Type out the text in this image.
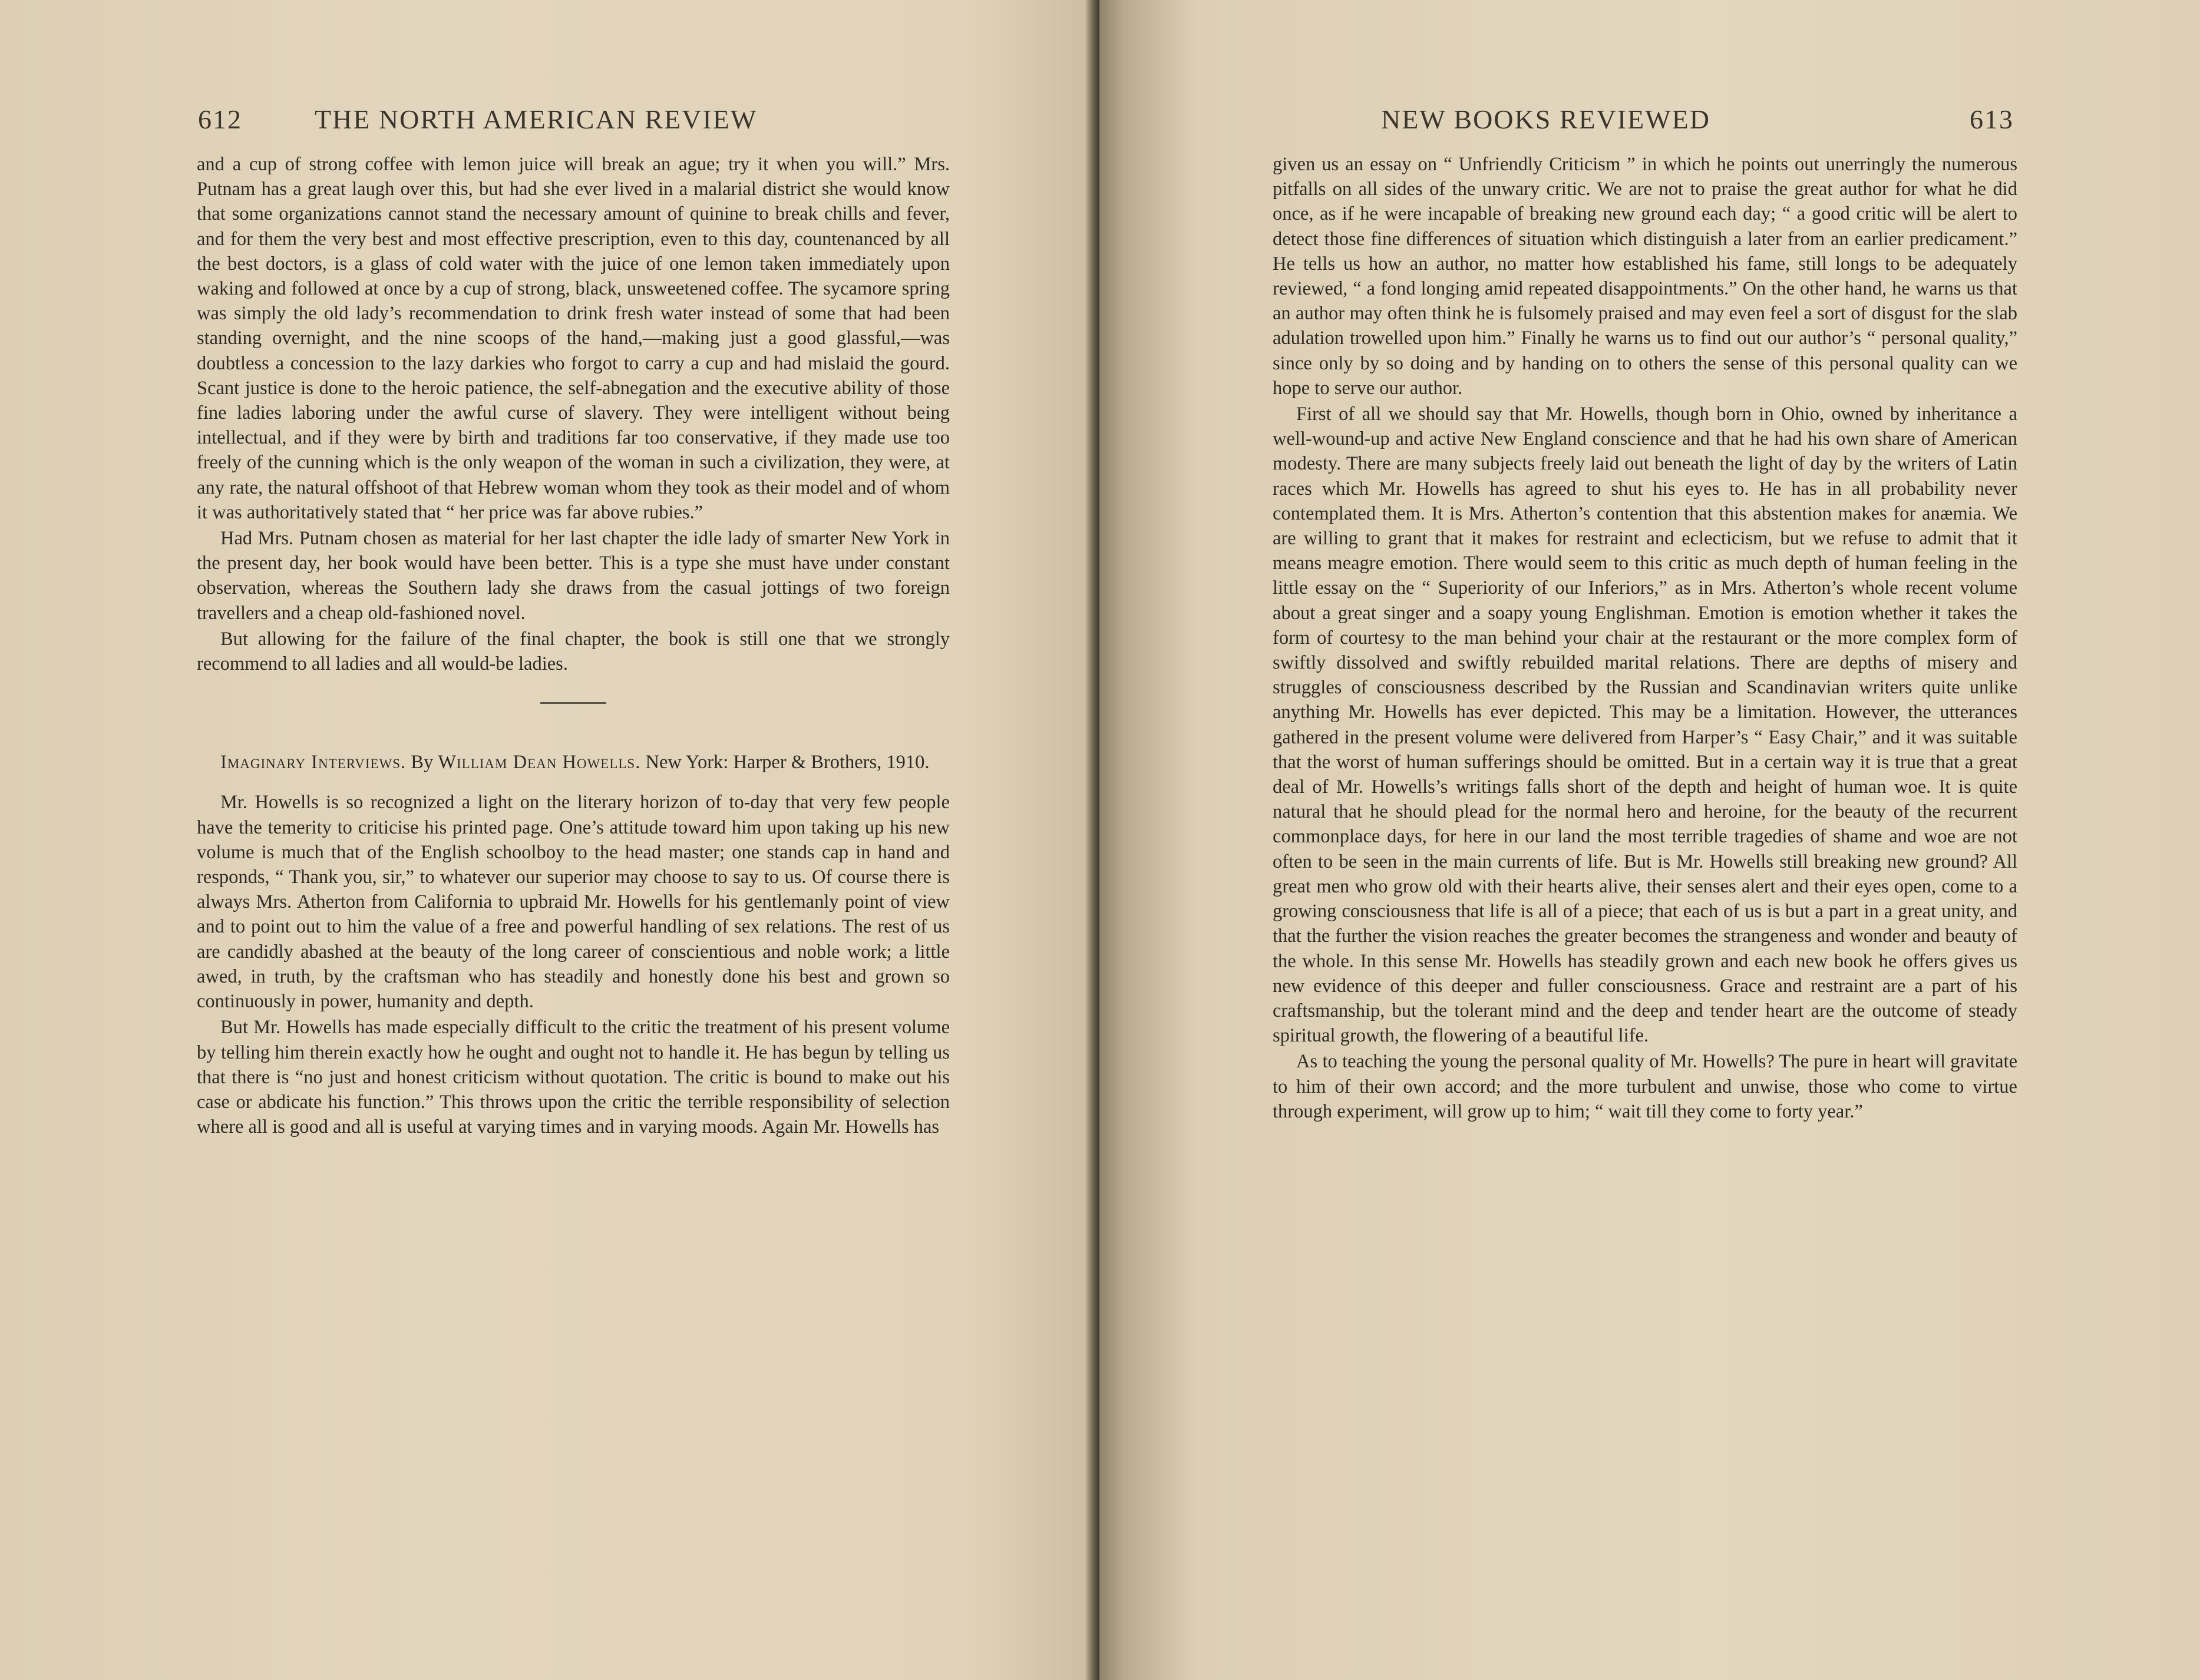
612	THE NORTH AMERICAN REVIEW

and a cup of strong coffee with lemon juice will break an ague; try it when you will.” Mrs. Putnam has a great laugh over this, but had she ever lived in a malarial district she would know that some organizations cannot stand the necessary amount of quinine to break chills and fever, and for them the very best and most effective prescription, even to this day, countenanced by all the best doctors, is a glass of cold water with the juice of one lemon taken immediately upon waking and followed at once by a cup of strong, black, unsweetened coffee. The sycamore spring was simply the old lady’s recommendation to drink fresh water instead of some that had been standing overnight, and the nine scoops of the hand,—making just a good glassful,—was doubtless a concession to the lazy darkies who forgot to carry a cup and had mislaid the gourd. Scant justice is done to the heroic patience, the self-abnegation and the executive ability of those fine ladies laboring under the awful curse of slavery. They were intelligent without being intellectual, and if they were by birth and traditions far too conservative, if they made use too freely of the cunning which is the only weapon of the woman in such a civilization, they were, at any rate, the natural offshoot of that Hebrew woman whom they took as their model and of whom it was authoritatively stated that “ her price was far above rubies.”

Had Mrs. Putnam chosen as material for her last chapter the idle lady of smarter New York in the present day, her book would have been better. This is a type she must have under constant observation, whereas the Southern lady she draws from the casual jottings of two foreign travellers and a cheap old-fashioned novel.

But allowing for the failure of the final chapter, the book is still one that we strongly recommend to all ladies and all would-be ladies.

Imaginary Interviews. By William Dean Howells. New York: Harper & Brothers, 1910.

Mr. Howells is so recognized a light on the literary horizon of to-day that very few people have the temerity to criticise his printed page. One’s attitude toward him upon taking up his new volume is much that of the English schoolboy to the head master; one stands cap in hand and responds, “ Thank you, sir,” to whatever our superior may choose to say to us. Of course there is always Mrs. Atherton from California to upbraid Mr. Howells for his gentlemanly point of view and to point out to him the value of a free and powerful handling of sex relations. The rest of us are candidly abashed at the beauty of the long career of conscientious and noble work; a little awed, in truth, by the craftsman who has steadily and honestly done his best and grown so continuously in power, humanity and depth.

But Mr. Howells has made especially difficult to the critic the treatment of his present volume by telling him therein exactly how he ought and ought not to handle it. He has begun by telling us that there is “no just and honest criticism without quotation. The critic is bound to make out his case or abdicate his function.” This throws upon the critic the terrible responsibility of selection where all is good and all is useful at varying times and in varying moods. Again Mr. Howells has

NEW BOOKS REVIEWED	613

given us an essay on “ Unfriendly Criticism ” in which he points out unerringly the numerous pitfalls on all sides of the unwary critic. We are not to praise the great author for what he did once, as if he were incapable of breaking new ground each day; “ a good critic will be alert to detect those fine differences of situation which distinguish a later from an earlier predicament.” He tells us how an author, no matter how established his fame, still longs to be adequately reviewed, “ a fond longing amid repeated disappointments.” On the other hand, he warns us that an author may often think he is fulsomely praised and may even feel a sort of disgust for the slab adulation trowelled upon him.” Finally he warns us to find out our author’s “ personal quality,” since only by so doing and by handing on to others the sense of this personal quality can we hope to serve our author.

First of all we should say that Mr. Howells, though born in Ohio, owned by inheritance a well-wound-up and active New England conscience and that he had his own share of American modesty. There are many subjects freely laid out beneath the light of day by the writers of Latin races which Mr. Howells has agreed to shut his eyes to. He has in all probability never contemplated them. It is Mrs. Atherton’s contention that this abstention makes for anæmia. We are willing to grant that it makes for restraint and eclecticism, but we refuse to admit that it means meagre emotion. There would seem to this critic as much depth of human feeling in the little essay on the “ Superiority of our Inferiors,” as in Mrs. Atherton’s whole recent volume about a great singer and a soapy young Englishman. Emotion is emotion whether it takes the form of courtesy to the man behind your chair at the restaurant or the more complex form of swiftly dissolved and swiftly rebuilded marital relations. There are depths of misery and struggles of consciousness described by the Russian and Scandinavian writers quite unlike anything Mr. Howells has ever depicted. This may be a limitation. However, the utterances gathered in the present volume were delivered from Harper’s “ Easy Chair,” and it was suitable that the worst of human sufferings should be omitted. But in a certain way it is true that a great deal of Mr. Howells’s writings falls short of the depth and height of human woe. It is quite natural that he should plead for the normal hero and heroine, for the beauty of the recurrent commonplace days, for here in our land the most terrible tragedies of shame and woe are not often to be seen in the main currents of life. But is Mr. Howells still breaking new ground? All great men who grow old with their hearts alive, their senses alert and their eyes open, come to a growing consciousness that life is all of a piece; that each of us is but a part in a great unity, and that the further the vision reaches the greater becomes the strangeness and wonder and beauty of the whole. In this sense Mr. Howells has steadily grown and each new book he offers gives us new evidence of this deeper and fuller consciousness. Grace and restraint are a part of his craftsmanship, but the tolerant mind and the deep and tender heart are the outcome of steady spiritual growth, the flowering of a beautiful life.

As to teaching the young the personal quality of Mr. Howells? The pure in heart will gravitate to him of their own accord; and the more turbulent and unwise, those who come to virtue through experiment, will grow up to him; “ wait till they come to forty year.”
